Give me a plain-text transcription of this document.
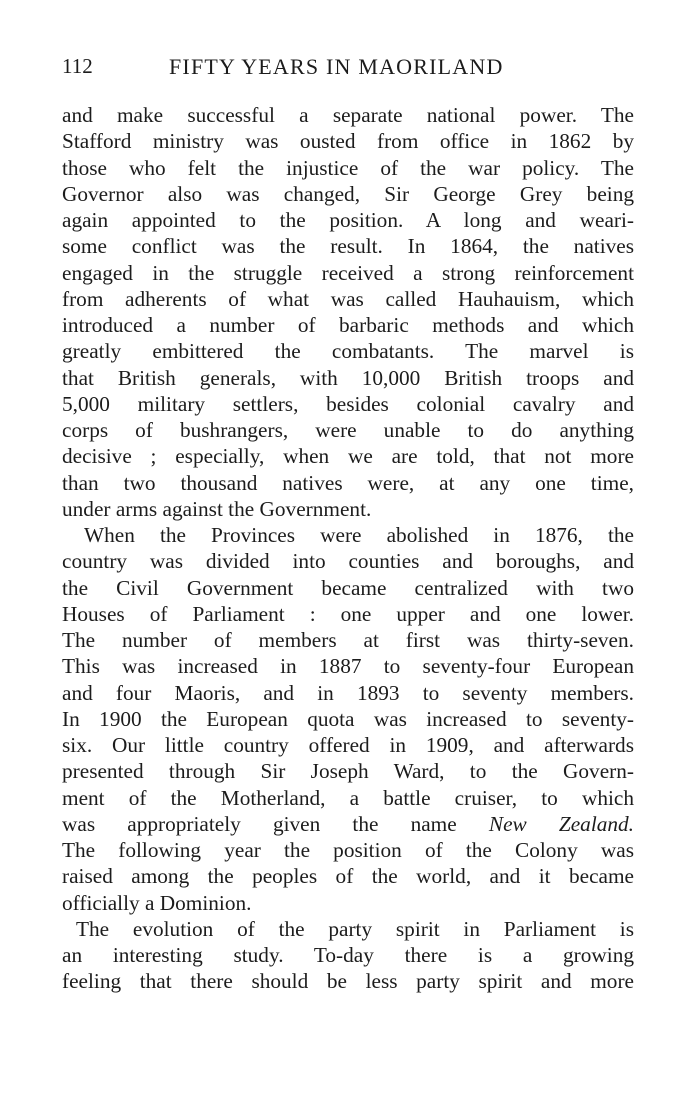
112	FIFTY YEARS IN MAORILAND
and make successful a separate national power. The
Stafford ministry was ousted from office in 1862 by
those who felt the injustice of the war policy. The
Governor also was changed, Sir George Grey being
again appointed to the position. A long and weari-
some conflict was the result. In 1864, the natives
engaged in the struggle received a strong reinforcement
from adherents of what was called Hauhauism, which
introduced a number of barbaric methods and which
greatly embittered the combatants. The marvel is
that British generals, with 10,000 British troops and
5,000 military settlers, besides colonial cavalry and
corps of bushrangers, were unable to do anything
decisive ; especially, when we are told, that not more
than two thousand natives were, at any one time,
under arms against the Government.
When the Provinces were abolished in 1876, the
country was divided into counties and boroughs, and
the Civil Government became centralized with two
Houses of Parliament : one upper and one lower.
The number of members at first was thirty-seven.
This was increased in 1887 to seventy-four European
and four Maoris, and in 1893 to seventy members.
In 1900 the European quota was increased to seventy-
six. Our little country offered in 1909, and afterwards
presented through Sir Joseph Ward, to the Govern-
ment of the Motherland, a battle cruiser, to which
was appropriately given the name New Zealand.
The following year the position of the Colony was
raised among the peoples of the world, and it became
officially a Dominion.
The evolution of the party spirit in Parliament is
an interesting study. To-day there is a growing
feeling that there should be less party spirit and more
